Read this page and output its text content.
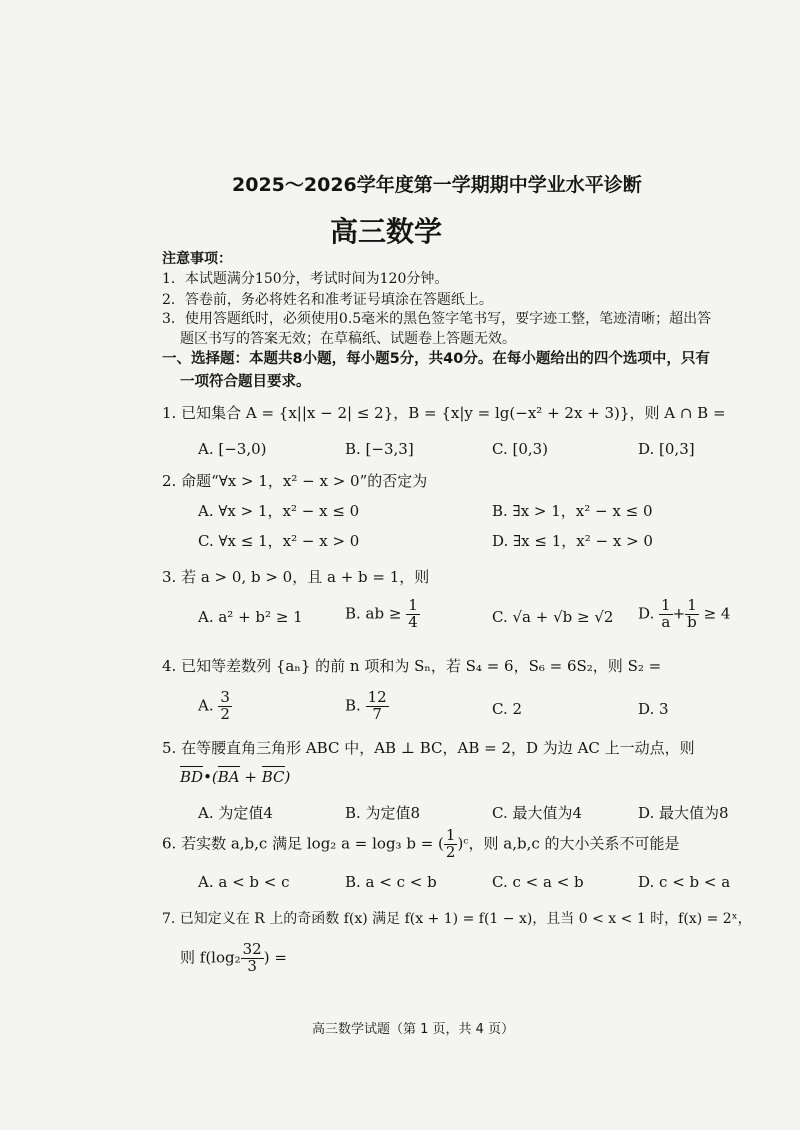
2025～2026学年度第一学期期中学业水平诊断
高三数学
注意事项：
1．本试题满分150分，考试时间为120分钟。
2．答卷前，务必将姓名和准考证号填涂在答题纸上。
3．使用答题纸时，必须使用0.5毫米的黑色签字笔书写，要字迹工整，笔迹清晰；超出答
题区书写的答案无效；在草稿纸、试题卷上答题无效。
一、选择题：本题共8小题，每小题5分，共40分。在每小题给出的四个选项中，只有
一项符合题目要求。
1. 已知集合 A = {x||x − 2| ≤ 2}，B = {x|y = lg(−x² + 2x + 3)}，则 A ∩ B =
A. [−3,0)	B. [−3,3]	C. [0,3)	D. [0,3]
2. 命题“∀x > 1，x² − x > 0”的否定为
A. ∀x > 1，x² − x ≤ 0	B. ∃x > 1，x² − x ≤ 0
C. ∀x ≤ 1，x² − x > 0	D. ∃x ≤ 1，x² − x > 0
3. 若 a > 0, b > 0，且 a + b = 1，则
A. a² + b² ≥ 1	B. ab ≥ $\frac{1}{4}$	C. √a + √b ≥ √2 D. $\frac{1}{a} + \frac{1}{b} \ge 4$
4. 已知等差数列 {aₙ} 的前 n 项和为 Sₙ，若 S₄ = 6，S₆ = 6S₂，则 S₂ =
A. $\frac{3}{2}$	B. $\frac{12}{7}$	C. 2	D. 3
5. 在等腰直角三角形 ABC 中，AB ⊥ BC，AB = 2，D 为边 AC 上一动点，则
BD•(BA + BC)
A. 为定值4	B. 为定值8	C. 最大值为4	D. 最大值为8
6. 若实数 a,b,c 满足 log₂ a = log₃ b = ( $\frac{1}{2}$ )ᶜ，则 a,b,c 的大小关系不可能是
A. a < b < c	B. a < c < b	C. c < a < b	D. c < b < a
7. 已知定义在 R 上的奇函数 f(x) 满足 f(x + 1) = f(1 − x)，且当 0 < x < 1 时，f(x) = 2ˣ，
则 $f(\log_2 \frac{32}{3}$ ) =
高三数学试题（第 1 页，共 4 页）
